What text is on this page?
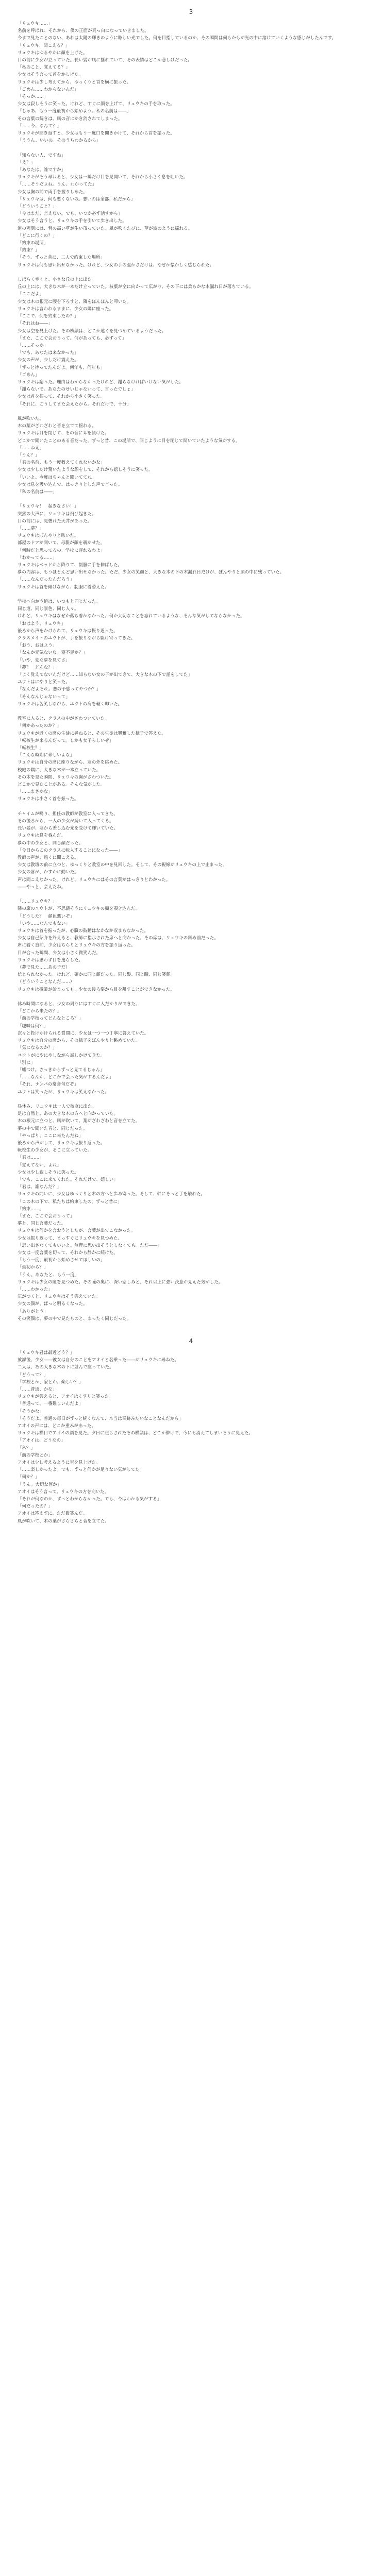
3

「リュウキ……」

名前を呼ばれ、それから、僕の正面が真っ白になっていきました。

今まで見たことのない、あれは太陽の輝きのように眩しい光でした。何を目指しているのか、その瞬間は何もかもが光の中に溶けていくような感じがしたんです。

「リュウキ、聞こえる？」

リュウキはゆるやかに顔を上げた。

目の前に少女が立っていた。長い髪が風に揺れていて、その表情はどこか悲しげだった。

「私のこと、覚えてる？」

少女はそう言って首をかしげた。

リュウキは少し考えてから、ゆっくりと首を横に振った。

「ごめん……わからないんだ」

「そっか……」

少女は寂しそうに笑った。けれど、すぐに顔を上げて、リュウキの手を取った。

「じゃあ、もう一度最初から始めよう。私の名前は――」

その言葉の続きは、風の音にかき消されてしまった。

「……今、なんて？」

リュウキが聞き返すと、少女はもう一度口を開きかけて、それから首を振った。

「ううん、いいの。そのうちわかるから」

「知らない人、ですね」

「え？」

「あなたは、誰ですか」

リュウキがそう尋ねると、少女は一瞬だけ目を見開いて、それから小さく息を吐いた。

「……そうだよね。うん、わかってた」

少女は胸の前で両手を握りしめた。

「リュウキは、何も悪くないの。悪いのは全部、私だから」

「どういうこと？」

「今はまだ、言えない。でも、いつか必ず話すから」

少女はそう言うと、リュウキの手を引いて歩き出した。

道の両側には、背の高い草が生い茂っていた。風が吹くたびに、草が波のように揺れる。

「どこに行くの？」

「約束の場所」

「約束？」

「そう。ずっと昔に、二人で約束した場所」

リュウキは何も思い出せなかった。けれど、少女の手の温かさだけは、なぜか懐かしく感じられた。

しばらく歩くと、小さな丘の上に出た。

丘の上には、大きな木が一本だけ立っていた。枝葉が空に向かって広がり、その下には柔らかな木漏れ日が落ちている。

「ここだよ」

少女は木の根元に腰を下ろすと、隣をぽんぽんと叩いた。

リュウキは言われるままに、少女の隣に座った。

「ここで、何を約束したの？」

「それはね――」

少女は空を見上げた。その横顔は、どこか遠くを見つめているようだった。

「また、ここで会おうって。何があっても、必ずって」

「……そっか」

「でも、あなたは来なかった」

少女の声が、少しだけ震えた。

「ずっと待ってたんだよ。何年も、何年も」

「ごめん」

リュウキは謝った。理由はわからなかったけれど、謝らなければいけない気がした。

「謝らないで。あなたのせいじゃないって、言ったでしょ」

少女は首を振って、それから小さく笑った。

「それに、こうしてまた会えたから。それだけで、十分」

風が吹いた。

木の葉がざわざわと音を立てて揺れる。

リュウキは目を閉じて、その音に耳を傾けた。

どこかで聞いたことのある音だった。ずっと昔、この場所で、同じように目を閉じて聞いていたような気がする。

「……ねえ」

「うん？」

「君の名前、もう一度教えてくれないかな」

少女は少しだけ驚いたような顔をして、それから嬉しそうに笑った。

「いいよ。今度はちゃんと聞いててね」

少女は息を吸い込んで、はっきりとした声で言った。

「私の名前は――」

「リュウキ！　起きなさい！」

突然の大声に、リュウキは飛び起きた。

目の前には、見慣れた天井があった。

「……夢？」

リュウキはぼんやりと呟いた。

部屋のドアが開いて、母親が顔を覗かせた。

「何時だと思ってるの。学校に遅れるわよ」

「わかってる……」

リュウキはベッドから降りて、制服に手を伸ばした。

夢の内容は、もうほとんど思い出せなかった。ただ、少女の笑顔と、大きな木の下の木漏れ日だけが、ぼんやりと頭の中に残っていた。

「……なんだったんだろう」

リュウキは首を傾げながら、制服に着替えた。

学校へ向かう道は、いつもと同じだった。

同じ道、同じ景色、同じ人々。

けれど、リュウキはなぜか落ち着かなかった。何か大切なことを忘れているような、そんな気がしてならなかった。

「おはよう、リュウキ」

後ろから声をかけられて、リュウキは振り返った。

クラスメイトのユウトが、手を振りながら駆け寄ってきた。

「おう、おはよう」

「なんか元気ないな。寝不足か？」

「いや、変な夢を見てさ」

「夢？　どんな？」

「よく覚えてないんだけど……知らない女の子が出てきて、大きな木の下で話をしてた」

ユウトはにやりと笑った。

「なんだよそれ。恋の予感ってやつか？」

「そんなんじゃないって」

リュウキは苦笑しながら、ユウトの肩を軽く叩いた。

教室に入ると、クラスの中がざわついていた。

「何かあったのか？」

リュウキが近くの席の生徒に尋ねると、その生徒は興奮した様子で答えた。

「転校生が来るんだって。しかも女子らしいぜ」

「転校生？」

「こんな時期に珍しいよな」

リュウキは自分の席に座りながら、窓の外を眺めた。

校庭の隅に、大きな木が一本立っていた。

その木を見た瞬間、リュウキの胸がざわついた。

どこかで見たことがある。そんな気がした。

「……まさかな」

リュウキは小さく首を振った。

チャイムが鳴り、担任の教師が教室に入ってきた。

その後ろから、一人の少女が続いて入ってくる。

長い髪が、窓から差し込む光を受けて輝いていた。

リュウキは息を呑んだ。

夢の中の少女と、同じ顔だった。

「今日からこのクラスに転入することになった――」

教師の声が、遠くに聞こえる。

少女は教壇の前に立つと、ゆっくりと教室の中を見回した。そして、その視線がリュウキの上で止まった。

少女の唇が、かすかに動いた。

声は聞こえなかった。けれど、リュウキにはその言葉がはっきりとわかった。

――やっと、会えたね。

「……リュウキ？」

隣の席のユウトが、不思議そうにリュウキの顔を覗き込んだ。

「どうした？　顔色悪いぞ」

「いや……なんでもない」

リュウキは首を振ったが、心臓の鼓動はなかなか収まらなかった。

少女は自己紹介を終えると、教師に指示された席へと向かった。その席は、リュウキの斜め前だった。

席に着く直前、少女はちらりとリュウキの方を振り返った。

目が合った瞬間、少女は小さく微笑んだ。

リュウキは思わず目を逸らした。

（夢で見た……あの子だ）

信じられなかった。けれど、確かに同じ顔だった。同じ髪、同じ瞳、同じ笑顔。

（どういうことなんだ……）

リュウキは授業が始まっても、少女の後ろ姿から目を離すことができなかった。

休み時間になると、少女の周りにはすぐに人だかりができた。

「どこから来たの？」

「前の学校ってどんなところ？」

「趣味は何？」

次々と投げかけられる質問に、少女は一つ一つ丁寧に答えていた。

リュウキは自分の席から、その様子をぼんやりと眺めていた。

「気になるのか？」

ユウトがにやにやしながら話しかけてきた。

「別に」

「嘘つけ。さっきからずっと見てるじゃん」

「……なんか、どこかで会った気がするんだよ」

「それ、ナンパの常套句だぞ」

ユウトは笑ったが、リュウキは笑えなかった。

昼休み、リュウキは一人で校庭に出た。

足は自然と、あの大きな木の方へと向かっていた。

木の根元に立つと、風が吹いて、葉がざわざわと音を立てた。

夢の中で聞いた音と、同じだった。

「やっぱり、ここに来たんだね」

後ろから声がして、リュウキは振り返った。

転校生の少女が、そこに立っていた。

「君は……」

「覚えてない、よね」

少女は少し寂しそうに笑った。

「でも、ここに来てくれた。それだけで、嬉しい」

「君は、誰なんだ？」

リュウキの問いに、少女はゆっくりと木の方へと歩み寄った。そして、幹にそっと手を触れた。

「この木の下で、私たちは約束したの。ずっと昔に」

「約束……」

「また、ここで会おうって」

夢と、同じ言葉だった。

リュウキは何かを言おうとしたが、言葉が出てこなかった。

少女は振り返って、まっすぐにリュウキを見つめた。

「思い出さなくてもいいよ。無理に思い出そうとしなくても。ただ――」

少女は一度言葉を切って、それから静かに続けた。

「もう一度、最初から始めさせてほしいの」

「最初から？」

「うん。あなたと、もう一度」

リュウキは少女の瞳を見つめた。その瞳の奥に、深い悲しみと、それ以上に強い決意が見えた気がした。

「……わかった」

気がつくと、リュウキはそう答えていた。

少女の顔が、ぱっと明るくなった。

「ありがとう」

その笑顔は、夢の中で見たものと、まったく同じだった。

4

「リュウキ君は最近どう？」

放課後、少女――彼女は自分のことをアオイと名乗った――がリュウキに尋ねた。

二人は、あの大きな木の下に並んで座っていた。

「どうって？」

「学校とか、家とか。楽しい？」

「……普通、かな」

リュウキが答えると、アオイはくすりと笑った。

「普通って、一番難しいんだよ」

「そうかな」

「そうだよ。普通の毎日がずっと続くなんて、本当は奇跡みたいなことなんだから」

アオイの声には、どこか重みがあった。

リュウキは横目でアオイの顔を見た。夕日に照らされたその横顔は、どこか儚げで、今にも消えてしまいそうに見えた。

「アオイは、どうなの」

「私？」

「前の学校とか」

アオイは少し考えるように空を見上げた。

「……楽しかったよ。でも、ずっと何かが足りない気がしてた」

「何か？」

「うん。大切な何か」

アオイはそう言って、リュウキの方を向いた。

「それが何なのか、ずっとわからなかった。でも、今はわかる気がする」

「何だったの？」

アオイは答えずに、ただ微笑んだ。

風が吹いて、木の葉がさらさらと音を立てた。
